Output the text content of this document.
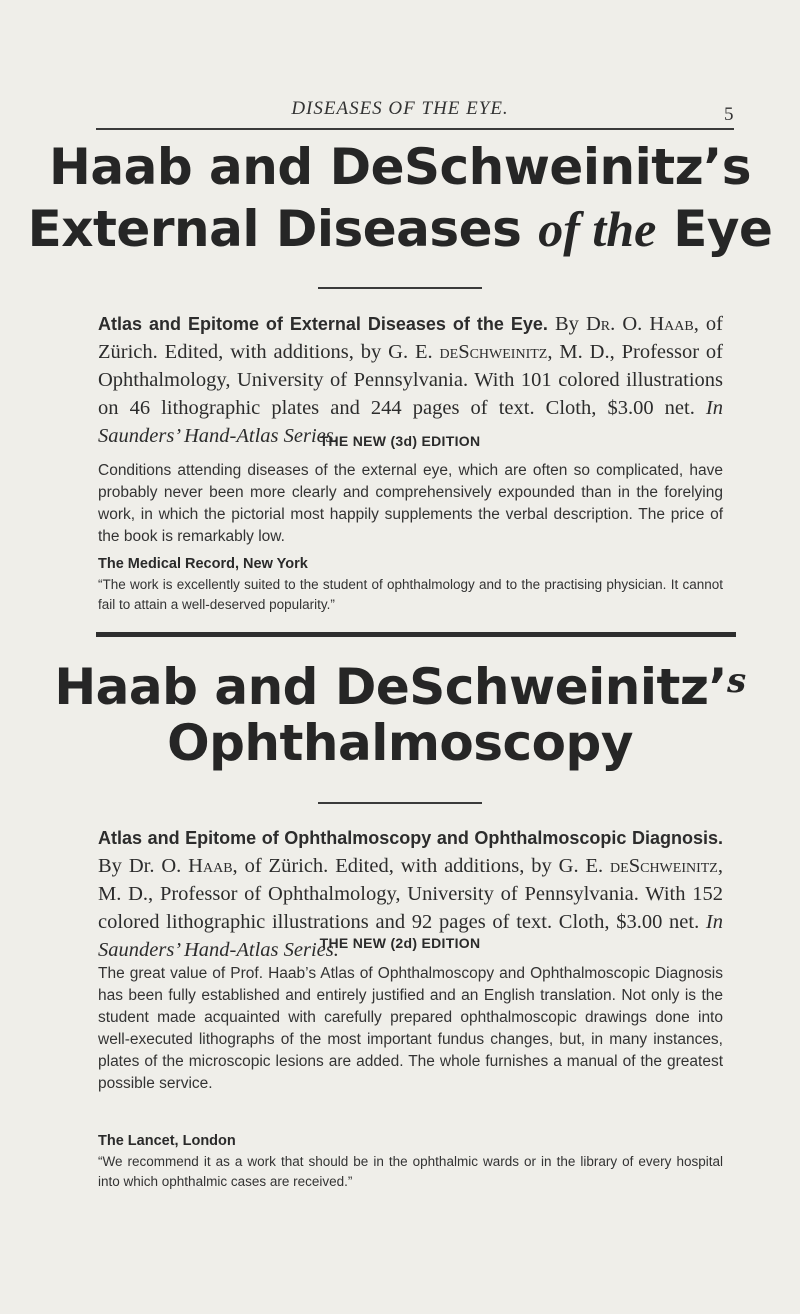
DISEASES OF THE EYE.	5
Haab and DeSchweinitz’s
External Diseases of the Eye
Atlas and Epitome of External Diseases of the Eye. By Dr. O. Haab, of Zürich. Edited, with additions, by G. E. deSchweinitz, M. D., Professor of Ophthalmology, University of Pennsylvania. With 101 colored illustrations on 46 lithographic plates and 244 pages of text. Cloth, $3.00 net. In Saunders’ Hand-Atlas Series.
THE NEW (3d) EDITION
Conditions attending diseases of the external eye, which are often so complicated, have probably never been more clearly and comprehensively expounded than in the forelying work, in which the pictorial most happily supplements the verbal description. The price of the book is remarkably low.
The Medical Record, New York
“The work is excellently suited to the student of ophthalmology and to the practising physician. It cannot fail to attain a well-deserved popularity.”
Haab and DeSchweinitz’$^s$
Ophthalmoscopy
Atlas and Epitome of Ophthalmoscopy and Ophthalmoscopic Diagnosis. By Dr. O. Haab, of Zürich. Edited, with additions, by G. E. deSchweinitz, M. D., Professor of Ophthalmology, University of Pennsylvania. With 152 colored lithographic illustrations and 92 pages of text. Cloth, $3.00 net. In Saunders’ Hand-Atlas Series.
THE NEW (2d) EDITION
The great value of Prof. Haab’s Atlas of Ophthalmoscopy and Ophthalmoscopic Diagnosis has been fully established and entirely justified and an English translation. Not only is the student made acquainted with carefully prepared ophthalmoscopic drawings done into well-executed lithographs of the most important fundus changes, but, in many instances, plates of the microscopic lesions are added. The whole furnishes a manual of the greatest possible service.
The Lancet, London
“We recommend it as a work that should be in the ophthalmic wards or in the library of every hospital into which ophthalmic cases are received.”
